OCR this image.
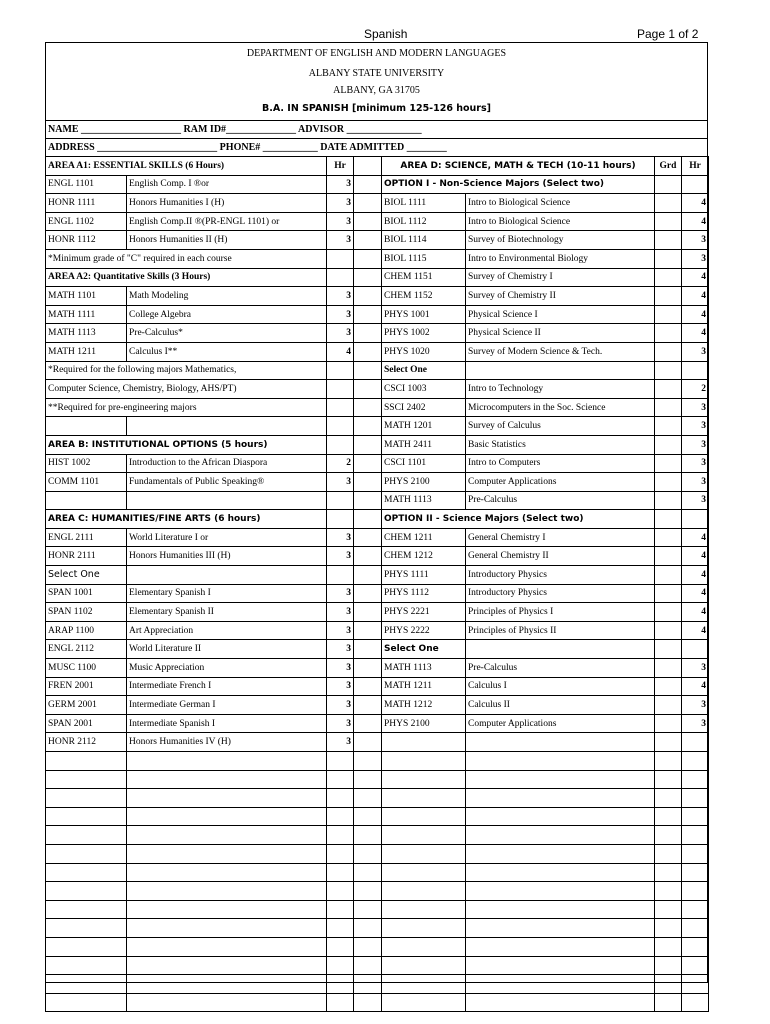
Spanish	Page 1 of 2
DEPARTMENT OF ENGLISH AND MODERN LANGUAGES
ALBANY STATE UNIVERSITY
ALBANY, GA 31705
B.A. IN SPANISH [minimum 125-126 hours]
NAME ____________________ RAM ID#______________ ADVISOR _______________
ADDRESS ________________________ PHONE# ___________ DATE ADMITTED ________
AREA A1: ESSENTIAL SKILLS (6 Hours)		Hr	
ENGL 1101	English Comp. I ®or	3	
HONR 1111	Honors Humanities I (H)	3	
ENGL 1102	English Comp.II ®(PR-ENGL 1101) or	3	
HONR 1112	Honors Humanities II (H)	3	
*Minimum grade of "C" required in each course			
AREA A2: Quantitative Skills (3 Hours)			
MATH 1101	Math Modeling	3	
MATH 1111	College Algebra	3	
MATH 1113	Pre-Calculus*	3	
MATH 1211	Calculus I**	4	
*Required for the following majors Mathematics,			
Computer Science, Chemistry, Biology, AHS/PT)			
**Required for pre-engineering majors			

AREA B: INSTITUTIONAL OPTIONS (5 hours)			
HIST 1002	Introduction to the African Diaspora	2	
COMM 1101	Fundamentals of Public Speaking®	3	

AREA C: HUMANITIES/FINE ARTS (6 hours)			
ENGL 2111	World Literature I or	3	
HONR 2111	Honors Humanities III (H)	3	
Select One			
SPAN 1001	Elementary Spanish I	3	
SPAN 1102	Elementary Spanish II	3	
ARAP 1100	Art Appreciation	3	
ENGL 2112	World Literature II	3	
MUSC 1100	Music Appreciation	3	
FREN 2001	Intermediate French I	3	
GERM 2001	Intermediate German I	3	
SPAN 2001	Intermediate Spanish I	3	
HONR 2112	Honors Humanities IV (H)	3	

AREA D: SCIENCE, MATH & TECH (10-11 hours)		Grd	Hr
OPTION I - Non-Science Majors (Select two)			
BIOL 1111	Intro to Biological Science		4
BIOL 1112	Intro to Biological Science		4
BIOL 1114	Survey of Biotechnology		3
BIOL 1115	Intro to Environmental Biology		3
CHEM 1151	Survey of Chemistry I		4
CHEM 1152	Survey of Chemistry II		4
PHYS 1001	Physical Science I		4
PHYS 1002	Physical Science II		4
PHYS 1020	Survey of Modern Science & Tech.		3
Select One			
CSCI 1003	Intro to Technology		2
SSCI 2402	Microcomputers in the Soc. Science		3
MATH 1201	Survey of Calculus		3
MATH 2411	Basic Statistics		3
CSCI 1101	Intro to Computers		3
PHYS 2100	Computer Applications		3
MATH 1113	Pre-Calculus		3
OPTION II - Science Majors (Select two)			
CHEM 1211	General Chemistry I		4
CHEM 1212	General Chemistry II		4
PHYS 1111	Introductory Physics		4
PHYS 1112	Introductory Physics		4
PHYS 2221	Principles of Physics I		4
PHYS 2222	Principles of Physics II		4
Select One			
MATH 1113	Pre-Calculus		3
MATH 1211	Calculus I		4
MATH 1212	Calculus II		3
PHYS 2100	Computer Applications		3
